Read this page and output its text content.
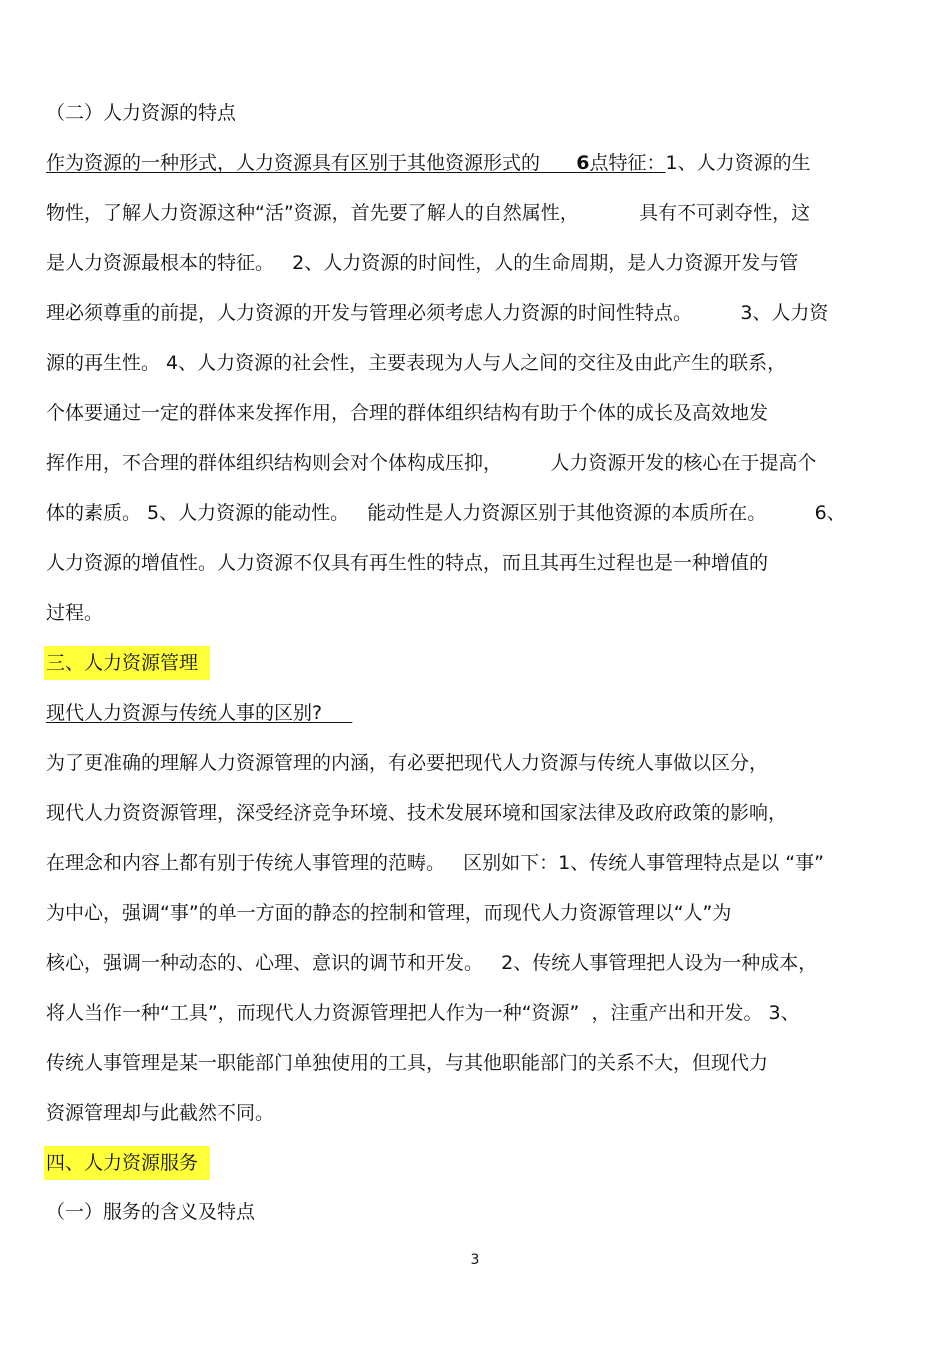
（二）人力资源的特点
作为资源的一种形式，人力资源具有区别于其他资源形式的 6点特征：1、人力资源的生
物性，了解人力资源这种“活”资源，首先要了解人的自然属性，          具有不可剥夺性，这
是人力资源最根本的特征。   2、人力资源的时间性，人的生命周期，是人力资源开发与管
理必须尊重的前提，人力资源的开发与管理必须考虑人力资源的时间性特点。        3、人力资
源的再生性。 4、人力资源的社会性，主要表现为人与人之间的交往及由此产生的联系，
个体要通过一定的群体来发挥作用，合理的群体组织结构有助于个体的成长及高效地发
挥作用，不合理的群体组织结构则会对个体构成压抑，        人力资源开发的核心在于提高个
体的素质。 5、人力资源的能动性。   能动性是人力资源区别于其他资源的本质所在。        6、
人力资源的增值性。人力资源不仅具有再生性的特点，而且其再生过程也是一种增值的
过程。
三、人力资源管理
现代人力资源与传统人事的区别?
为了更准确的理解人力资源管理的内涵，有必要把现代人力资源与传统人事做以区分，
现代人力资资源管理，深受经济竞争环境、技术发展环境和国家法律及政府政策的影响，
在理念和内容上都有别于传统人事管理的范畴。   区别如下：1、传统人事管理特点是以 “事”
为中心，强调“事”的单一方面的静态的控制和管理，而现代人力资源管理以“人”为
核心，强调一种动态的、心理、意识的调节和开发。   2、传统人事管理把人设为一种成本，
将人当作一种“工具”，而现代人力资源管理把人作为一种“资源”  ，注重产出和开发。 3、
传统人事管理是某一职能部门单独使用的工具，与其他职能部门的关系不大，但现代力
资源管理却与此截然不同。
四、人力资源服务
（一）服务的含义及特点
3
